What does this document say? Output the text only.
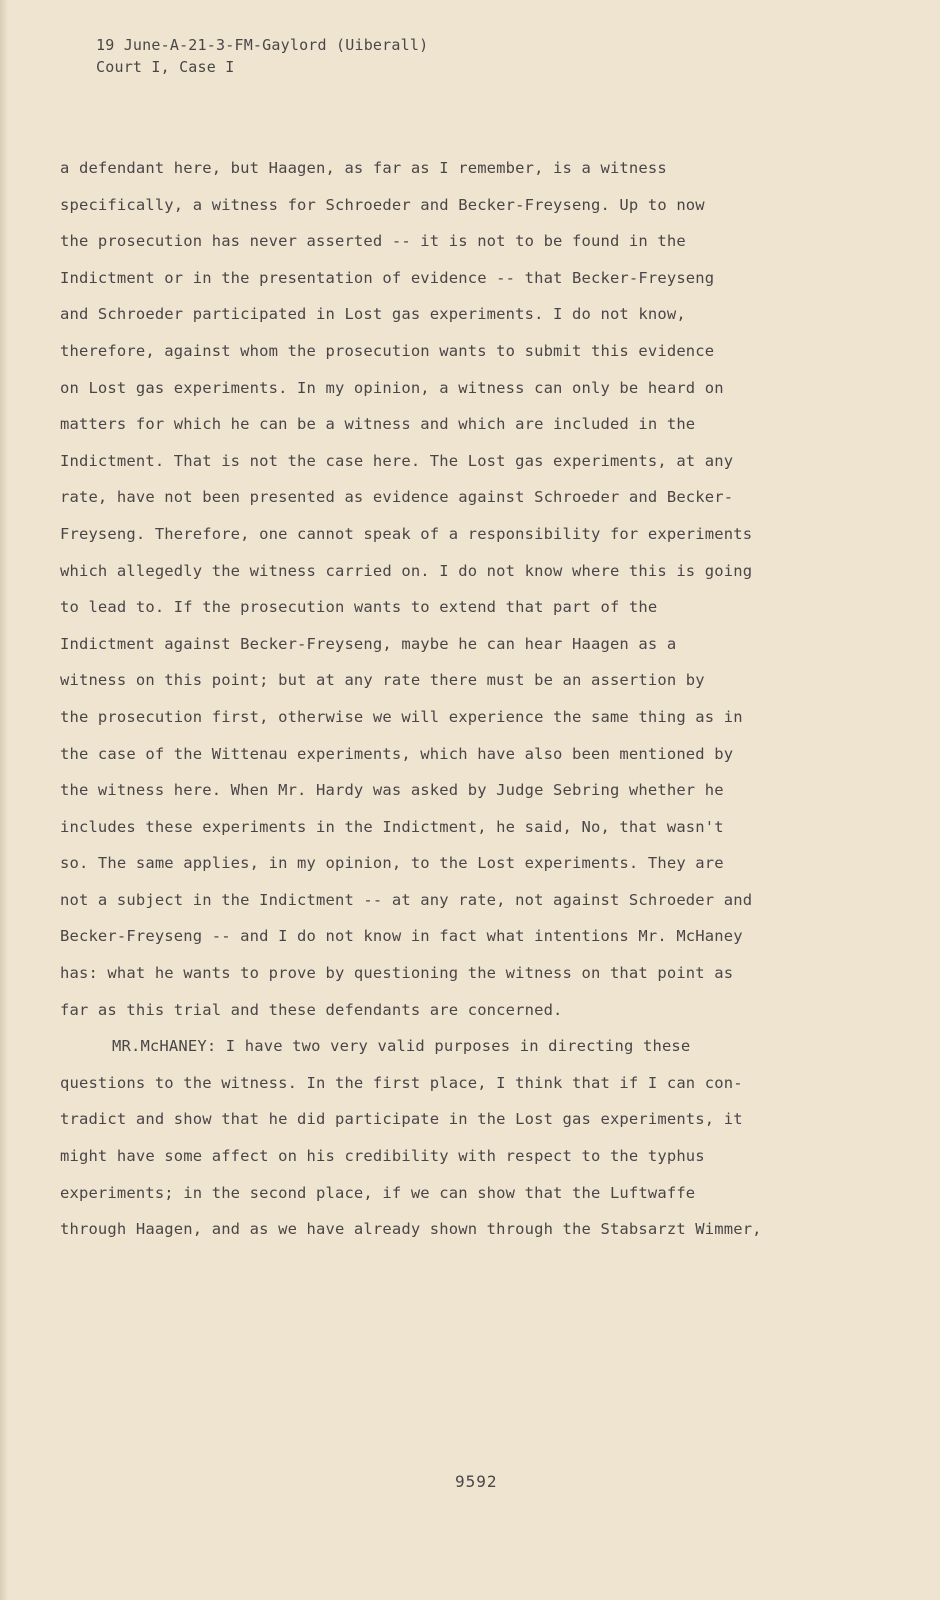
19 June-A-21-3-FM-Gaylord (Uiberall)
Court I, Case I
a defendant here, but Haagen, as far as I remember, is a witness
specifically, a witness for Schroeder and Becker-Freyseng. Up to now
the prosecution has never asserted -- it is not to be found in the
Indictment or in the presentation of evidence -- that Becker-Freyseng
and Schroeder participated in Lost gas experiments. I do not know,
therefore, against whom the prosecution wants to submit this evidence
on Lost gas experiments. In my opinion, a witness can only be heard on
matters for which he can be a witness and which are included in the
Indictment. That is not the case here. The Lost gas experiments, at any
rate, have not been presented as evidence against Schroeder and Becker-
Freyseng. Therefore, one cannot speak of a responsibility for experiments
which allegedly the witness carried on. I do not know where this is going
to lead to. If the prosecution wants to extend that part of the
Indictment against Becker-Freyseng, maybe he can hear Haagen as a
witness on this point; but at any rate there must be an assertion by
the prosecution first, otherwise we will experience the same thing as in
the case of the Wittenau experiments, which have also been mentioned by
the witness here. When Mr. Hardy was asked by Judge Sebring whether he
includes these experiments in the Indictment, he said, No, that wasn't
so. The same applies, in my opinion, to the Lost experiments. They are
not a subject in the Indictment -- at any rate, not against Schroeder and
Becker-Freyseng -- and I do not know in fact what intentions Mr. McHaney
has: what he wants to prove by questioning the witness on that point as
far as this trial and these defendants are concerned.
MR.McHANEY: I have two very valid purposes in directing these
questions to the witness. In the first place, I think that if I can con-
tradict and show that he did participate in the Lost gas experiments, it
might have some affect on his credibility with respect to the typhus
experiments; in the second place, if we can show that the Luftwaffe
through Haagen, and as we have already shown through the Stabsarzt Wimmer,
9592
